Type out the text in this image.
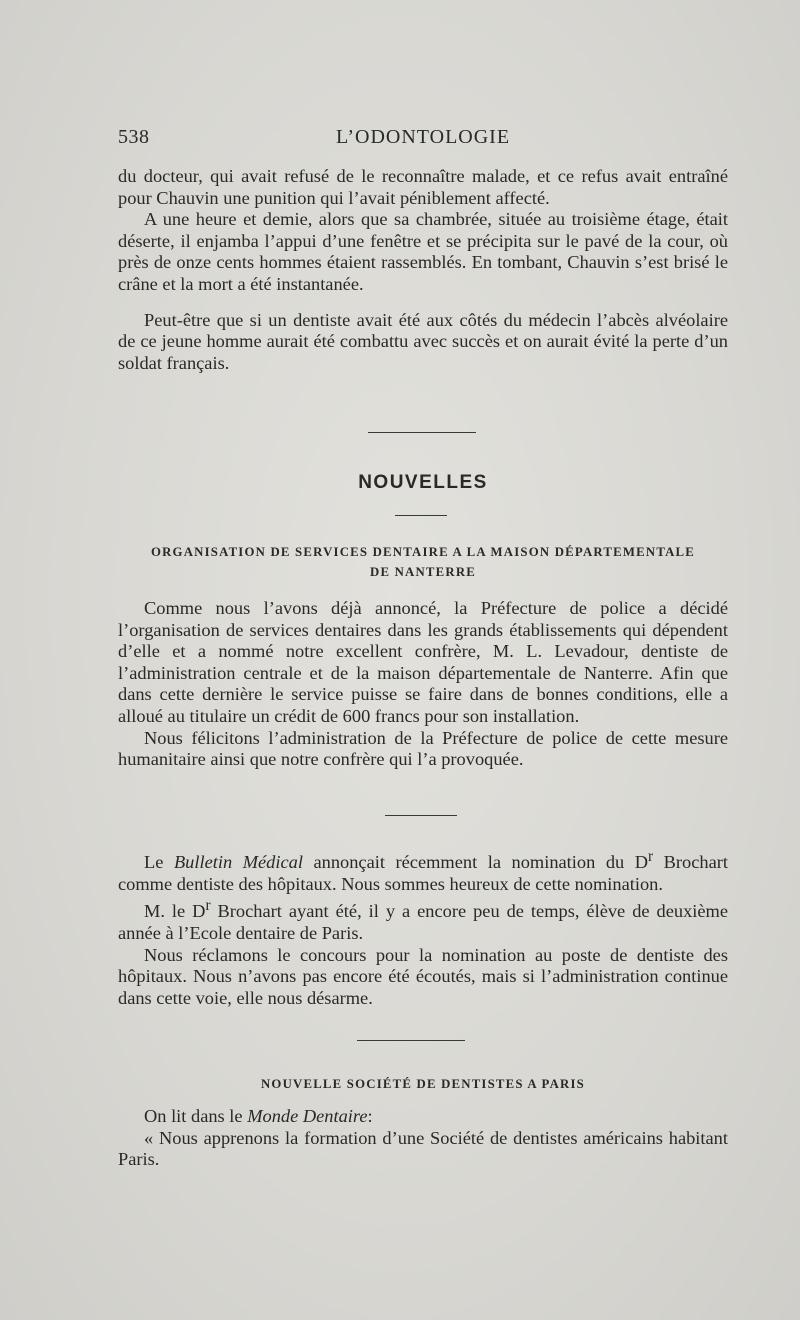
538	L’ODONTOLOGIE

du docteur, qui avait refusé de le reconnaître malade, et ce refus avait entraîné pour Chauvin une punition qui l’avait péniblement affecté.

A une heure et demie, alors que sa chambrée, située au troisième étage, était déserte, il enjamba l’appui d’une fenêtre et se précipita sur le pavé de la cour, où près de onze cents hommes étaient rassemblés. En tombant, Chauvin s’est brisé le crâne et la mort a été instantanée.

Peut-être que si un dentiste avait été aux côtés du médecin l’abcès alvéolaire de ce jeune homme aurait été combattu avec succès et on aurait évité la perte d’un soldat français.

NOUVELLES
ORGANISATION DE SERVICES DENTAIRE A LA MAISON DÉPARTEMENTALE
DE NANTERRE

Comme nous l’avons déjà annoncé, la Préfecture de police a décidé l’organisation de services dentaires dans les grands établissements qui dépendent d’elle et a nommé notre excellent confrère, M. L. Levadour, dentiste de l’administration centrale et de la maison départementale de Nanterre. Afin que dans cette dernière le service puisse se faire dans de bonnes conditions, elle a alloué au titulaire un crédit de 600 francs pour son installation.

Nous félicitons l’administration de la Préfecture de police de cette mesure humanitaire ainsi que notre confrère qui l’a provoquée.

Le Bulletin Médical annonçait récemment la nomination du $D^r$ Brochart comme dentiste des hôpitaux. Nous sommes heureux de cette nomination.

M. le $D^r$ Brochart ayant été, il y a encore peu de temps, élève de deuxième année à l’Ecole dentaire de Paris.

Nous réclamons le concours pour la nomination au poste de dentiste des hôpitaux. Nous n’avons pas encore été écoutés, mais si l’administration continue dans cette voie, elle nous désarme.

NOUVELLE SOCIÉTÉ DE DENTISTES A PARIS

On lit dans le Monde Dentaire:

« Nous apprenons la formation d’une Société de dentistes américains habitant Paris.
